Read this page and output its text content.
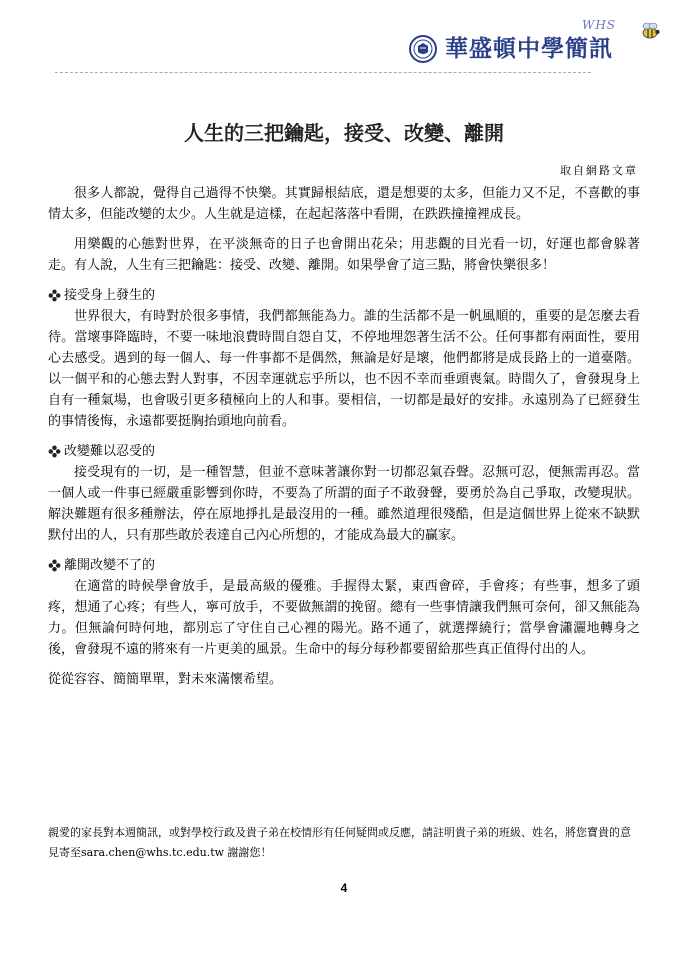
WHS
華盛頓中學簡訊
人生的三把鑰匙，接受、改變、離開
取自網路文章

很多人都說，覺得自己過得不快樂。其實歸根結底，還是想要的太多，但能力又不足，不喜歡的事情太多，但能改變的太少。人生就是這樣，在起起落落中看開，在跌跌撞撞裡成長。

用樂觀的心態對世界，在平淡無奇的日子也會開出花朵；用悲觀的目光看一切，好運也都會躲著走。有人說，人生有三把鑰匙：接受、改變、離開。如果學會了這三點，將會快樂很多！

接受身上發生的

世界很大，有時對於很多事情，我們都無能為力。誰的生活都不是一帆風順的，重要的是怎麼去看待。當壞事降臨時，不要一味地浪費時間自怨自艾，不停地埋怨著生活不公。任何事都有兩面性，要用心去感受。遇到的每一個人、每一件事都不是偶然，無論是好是壞，他們都將是成長路上的一道臺階。以一個平和的心態去對人對事，不因幸運就忘乎所以，也不因不幸而垂頭喪氣。時間久了，會發現身上自有一種氣場，也會吸引更多積極向上的人和事。要相信，一切都是最好的安排。永遠別為了已經發生的事情後悔，永遠都要挺胸抬頭地向前看。

改變難以忍受的

接受現有的一切，是一種智慧，但並不意味著讓你對一切都忍氣吞聲。忍無可忍，便無需再忍。當一個人或一件事已經嚴重影響到你時，不要為了所謂的面子不敢發聲，要勇於為自己爭取，改變現狀。解決難題有很多種辦法，停在原地掙扎是最沒用的一種。雖然道理很殘酷，但是這個世界上從來不缺默默付出的人，只有那些敢於表達自己內心所想的，才能成為最大的贏家。

離開改變不了的

在適當的時候學會放手，是最高級的優雅。手握得太緊，東西會碎，手會疼；有些事，想多了頭疼，想通了心疼；有些人，寧可放手，不要做無謂的挽留。總有一些事情讓我們無可奈何，卻又無能為力。但無論何時何地，都別忘了守住自己心裡的陽光。路不通了，就選擇繞行；當學會瀟灑地轉身之後，會發現不遠的將來有一片更美的風景。生命中的每分每秒都要留給那些真正值得付出的人。

從從容容、簡簡單單，對未來滿懷希望。

親愛的家長對本週簡訊，或對學校行政及貴子弟在校情形有任何疑問或反應，請註明貴子弟的班級、姓名，將您寶貴的意見寄至sara.chen@whs.tc.edu.tw 謝謝您！
4
